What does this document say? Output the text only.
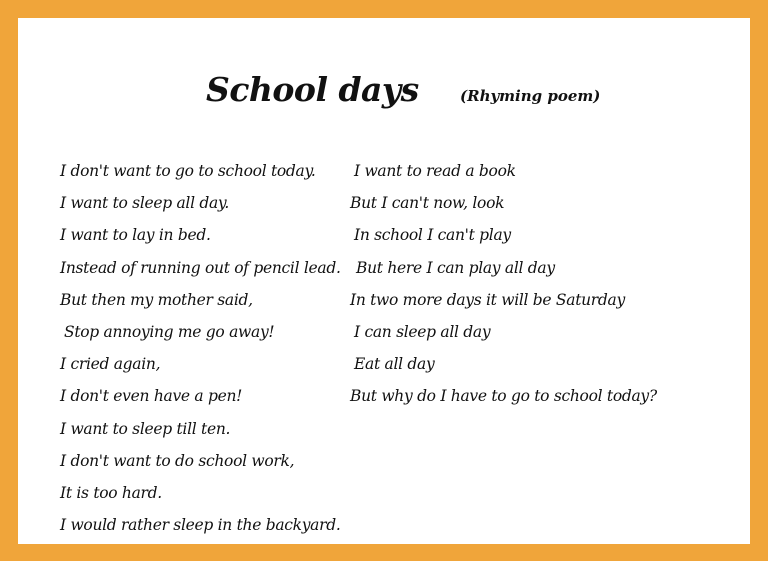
School days	(Rhyming poem)
I don't want to go to school today.
I want to sleep all day.
I want to lay in bed.
Instead of running out of pencil lead.
But then my mother said,
Stop annoying me go away!
I cried again,
I don't even have a pen!
I want to sleep till ten.
I don't want to do school work,
It is too hard.
I would rather sleep in the backyard.
I want to read a book
But I can't now, look
In school I can't play
But here I can play all day
In two more days it will be Saturday
I can sleep all day
Eat all day
But why do I have to go to school today?
